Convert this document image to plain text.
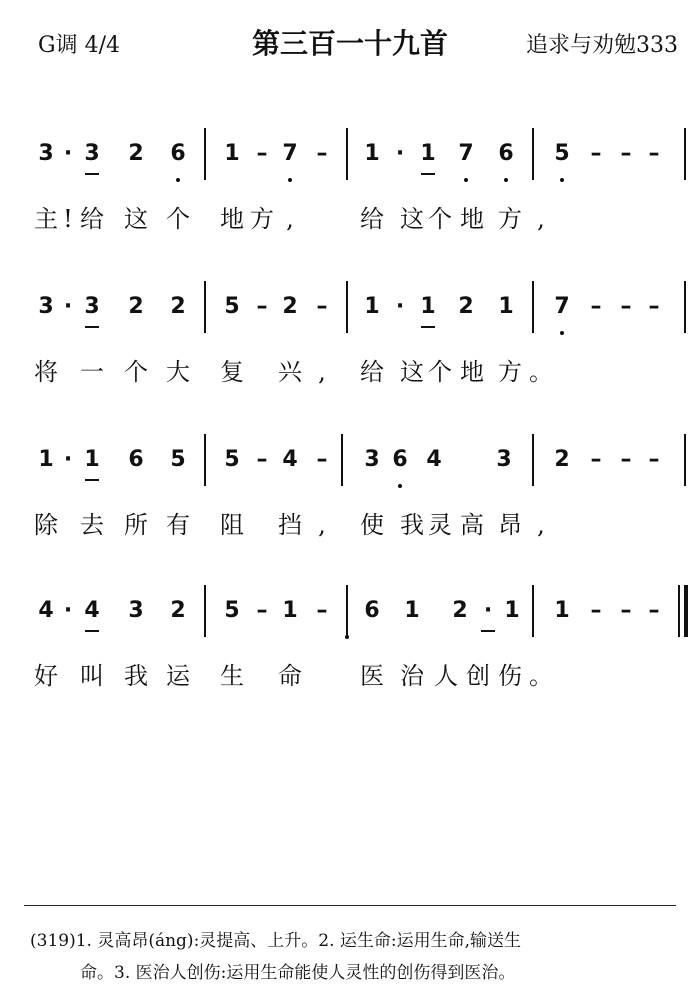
G调 4/4	第三百一十九首	追求与劝勉333
3 · 3 2 6 1 – 7 – 1 · 1 7 6 5 – – –
主 ! 给 这 个 地 方 ,	给 这 个 地 方 ,
3 · 3 2 2 5 – 2 – 1 · 1 2 1 7 – – –
将 一 个 大 复 兴 ,	给 这 个 地 方 。
1 · 1 6 5 5 – 4 – 3 6 4 3 2 – – –
除 去 所 有 阻 挡 ,	使 我 灵 高 昂 ,
4 · 4 3 2 5 – 1 – 6 1 2 · 1 1 – – –
好 叫 我 运 生 命 医 治 人 创 伤 。
(319)1. 灵高昂(áng):灵提高、上升。2. 运生命:运用生命,输送生
命。3. 医治人创伤:运用生命能使人灵性的创伤得到医治。
